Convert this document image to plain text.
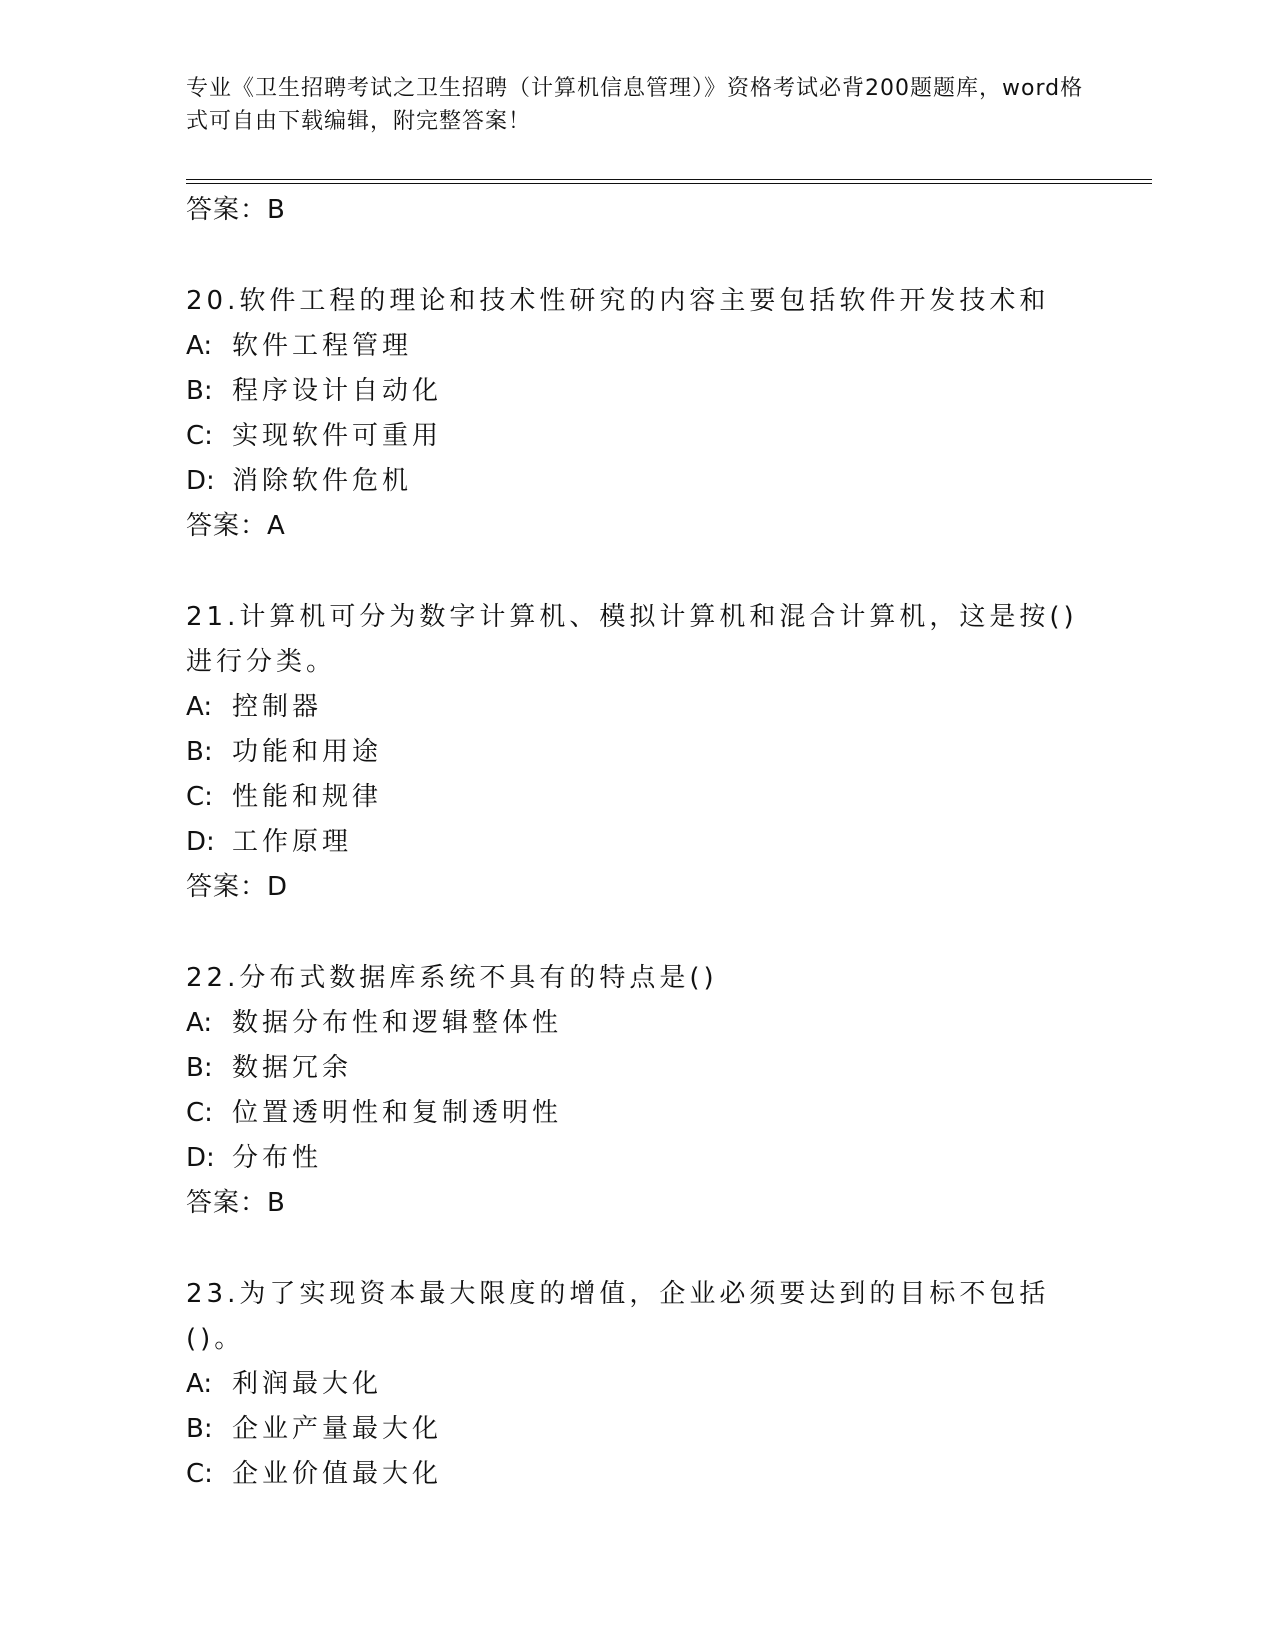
专业《卫生招聘考试之卫生招聘（计算机信息管理）》资格考试必背200题题库，word格式可自由下载编辑，附完整答案！
答案：B
20.软件工程的理论和技术性研究的内容主要包括软件开发技术和
A: 软件工程管理
B: 程序设计自动化
C: 实现软件可重用
D: 消除软件危机
答案：A
21.计算机可分为数字计算机、模拟计算机和混合计算机，这是按()进行分类。
A: 控制器
B: 功能和用途
C: 性能和规律
D: 工作原理
答案：D
22.分布式数据库系统不具有的特点是()
A: 数据分布性和逻辑整体性
B: 数据冗余
C: 位置透明性和复制透明性
D: 分布性
答案：B
23.为了实现资本最大限度的增值，企业必须要达到的目标不包括()。
A: 利润最大化
B: 企业产量最大化
C: 企业价值最大化
